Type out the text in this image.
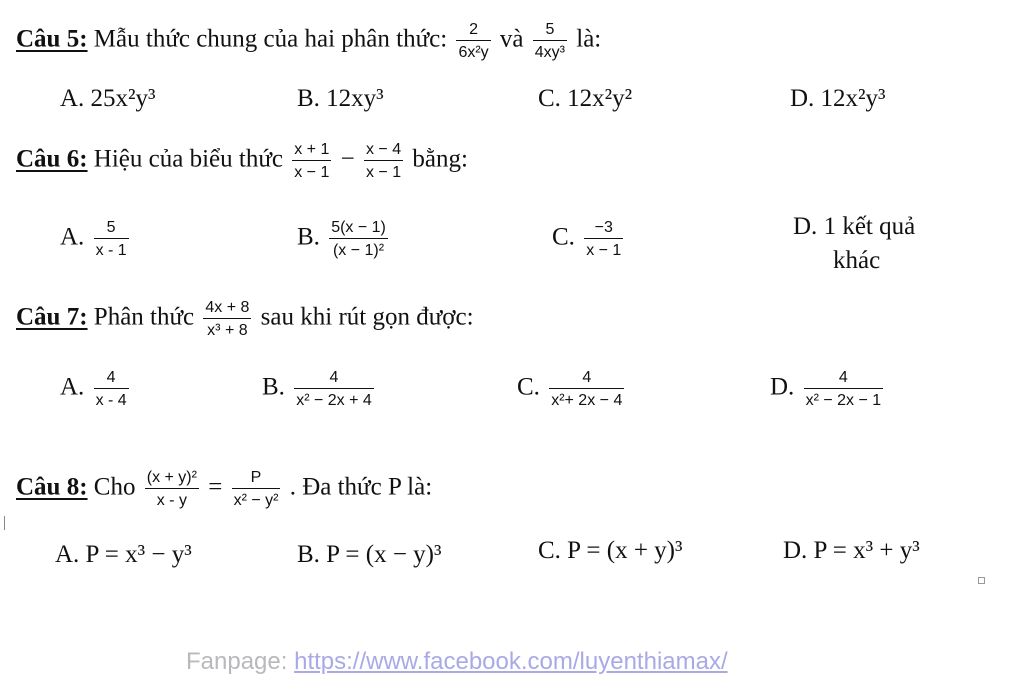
Câu 5: Mẫu thức chung của hai phân thức: $\frac{2}{\text{6x²y}}$ và $\frac{5}{\text{4xy³}}$ là:
A. 25x²y³	B. 12xy³	C. 12x²y²	D. 12x²y³
Câu 6: Hiệu của biểu thức $\frac{x + 1}{x - 1} - \frac{x - 4}{x - 1}$ bằng:
A. $\frac{5}{x - 1}$	B. $\frac{5(x - 1)}{\text{(x − 1)²}}$	C. $\frac{-3}{x - 1}$	D. 1 kết quả
khác
Câu 7: Phân thức $\frac{4x + 8}{\text{x³ + 8}}$ sau khi rút gọn được:
A. $\frac{4}{x - 4}$	B. $\frac{4}{\text{x² − 2x + 4}}$	C. $\frac{4}{\text{x²+ 2x − 4}}$	D. $\frac{4}{\text{x² − 2x − 1}}$
Câu 8: Cho $\frac{\text{(x + y)²}}{x - y} = \frac{P}{\text{x² − y²}}$ . Đa thức P là:
A. P = x³ − y³	B. P = (x − y)³	C. P = (x + y)³	D. P = x³ + y³
Fanpage: https://www.facebook.com/luyenthiamax/
